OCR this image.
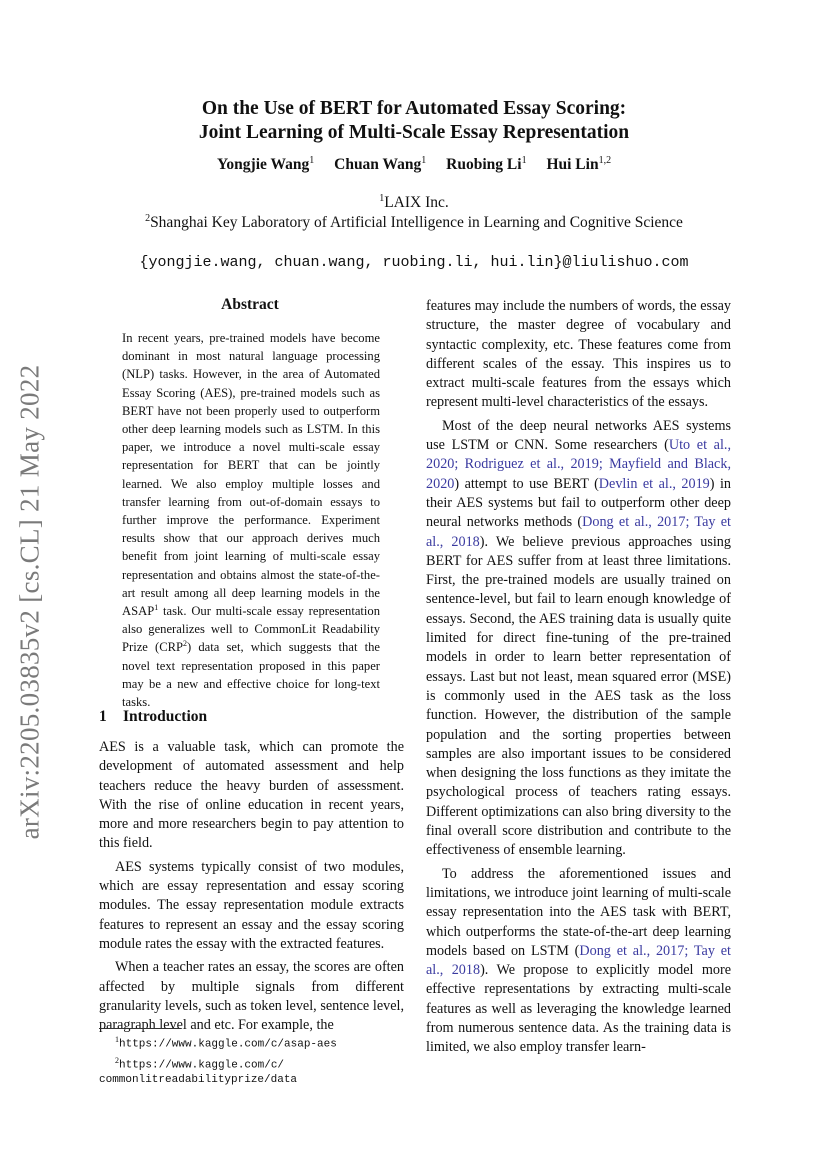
arXiv:2205.03835v2 [cs.CL] 21 May 2022
On the Use of BERT for Automated Essay Scoring:
Joint Learning of Multi-Scale Essay Representation
Yongjie Wang$^1$ Chuan Wang$^1$ Ruobing Li$^1$ Hui Lin$^{1,2}$
$^1$LAIX Inc.
$^2$Shanghai Key Laboratory of Artificial Intelligence in Learning and Cognitive Science
{yongjie.wang, chuan.wang, ruobing.li, hui.lin}@liulishuo.com
Abstract

In recent years, pre-trained models have become dominant in most natural language processing (NLP) tasks. However, in the area of Automated Essay Scoring (AES), pre-trained models such as BERT have not been properly used to outperform other deep learning models such as LSTM. In this paper, we introduce a novel multi-scale essay representation for BERT that can be jointly learned. We also employ multiple losses and transfer learning from out-of-domain essays to further improve the performance. Experiment results show that our approach derives much benefit from joint learning of multi-scale essay representation and obtains almost the state-of-the-art result among all deep learning models in the ASAP$^1$ task. Our multi-scale essay representation also generalizes well to CommonLit Readability Prize (CRP$^2$) data set, which suggests that the novel text representation proposed in this paper may be a new and effective choice for long-text tasks.

1 Introduction

AES is a valuable task, which can promote the development of automated assessment and help teachers reduce the heavy burden of assessment. With the rise of online education in recent years, more and more researchers begin to pay attention to this field.

AES systems typically consist of two modules, which are essay representation and essay scoring modules. The essay representation module extracts features to represent an essay and the essay scoring module rates the essay with the extracted features.

When a teacher rates an essay, the scores are often affected by multiple signals from different granularity levels, such as token level, sentence level, paragraph level and etc. For example, the

features may include the numbers of words, the essay structure, the master degree of vocabulary and syntactic complexity, etc. These features come from different scales of the essay. This inspires us to extract multi-scale features from the essays which represent multi-level characteristics of the essays.

Most of the deep neural networks AES systems use LSTM or CNN. Some researchers (Uto et al., 2020; Rodriguez et al., 2019; Mayfield and Black, 2020) attempt to use BERT (Devlin et al., 2019) in their AES systems but fail to outperform other deep neural networks methods (Dong et al., 2017; Tay et al., 2018). We believe previous approaches using BERT for AES suffer from at least three limitations. First, the pre-trained models are usually trained on sentence-level, but fail to learn enough knowledge of essays. Second, the AES training data is usually quite limited for direct fine-tuning of the pre-trained models in order to learn better representation of essays. Last but not least, mean squared error (MSE) is commonly used in the AES task as the loss function. However, the distribution of the sample population and the sorting properties between samples are also important issues to be considered when designing the loss functions as they imitate the psychological process of teachers rating essays. Different optimizations can also bring diversity to the final overall score distribution and contribute to the effectiveness of ensemble learning.

To address the aforementioned issues and limitations, we introduce joint learning of multi-scale essay representation into the AES task with BERT, which outperforms the state-of-the-art deep learning models based on LSTM (Dong et al., 2017; Tay et al., 2018). We propose to explicitly model more effective representations by extracting multi-scale features as well as leveraging the knowledge learned from numerous sentence data. As the training data is limited, we also employ transfer learn-

$^1$https://www.kaggle.com/c/asap-aes
$^2$https://www.kaggle.com/c/
commonlitreadabilityprize/data
